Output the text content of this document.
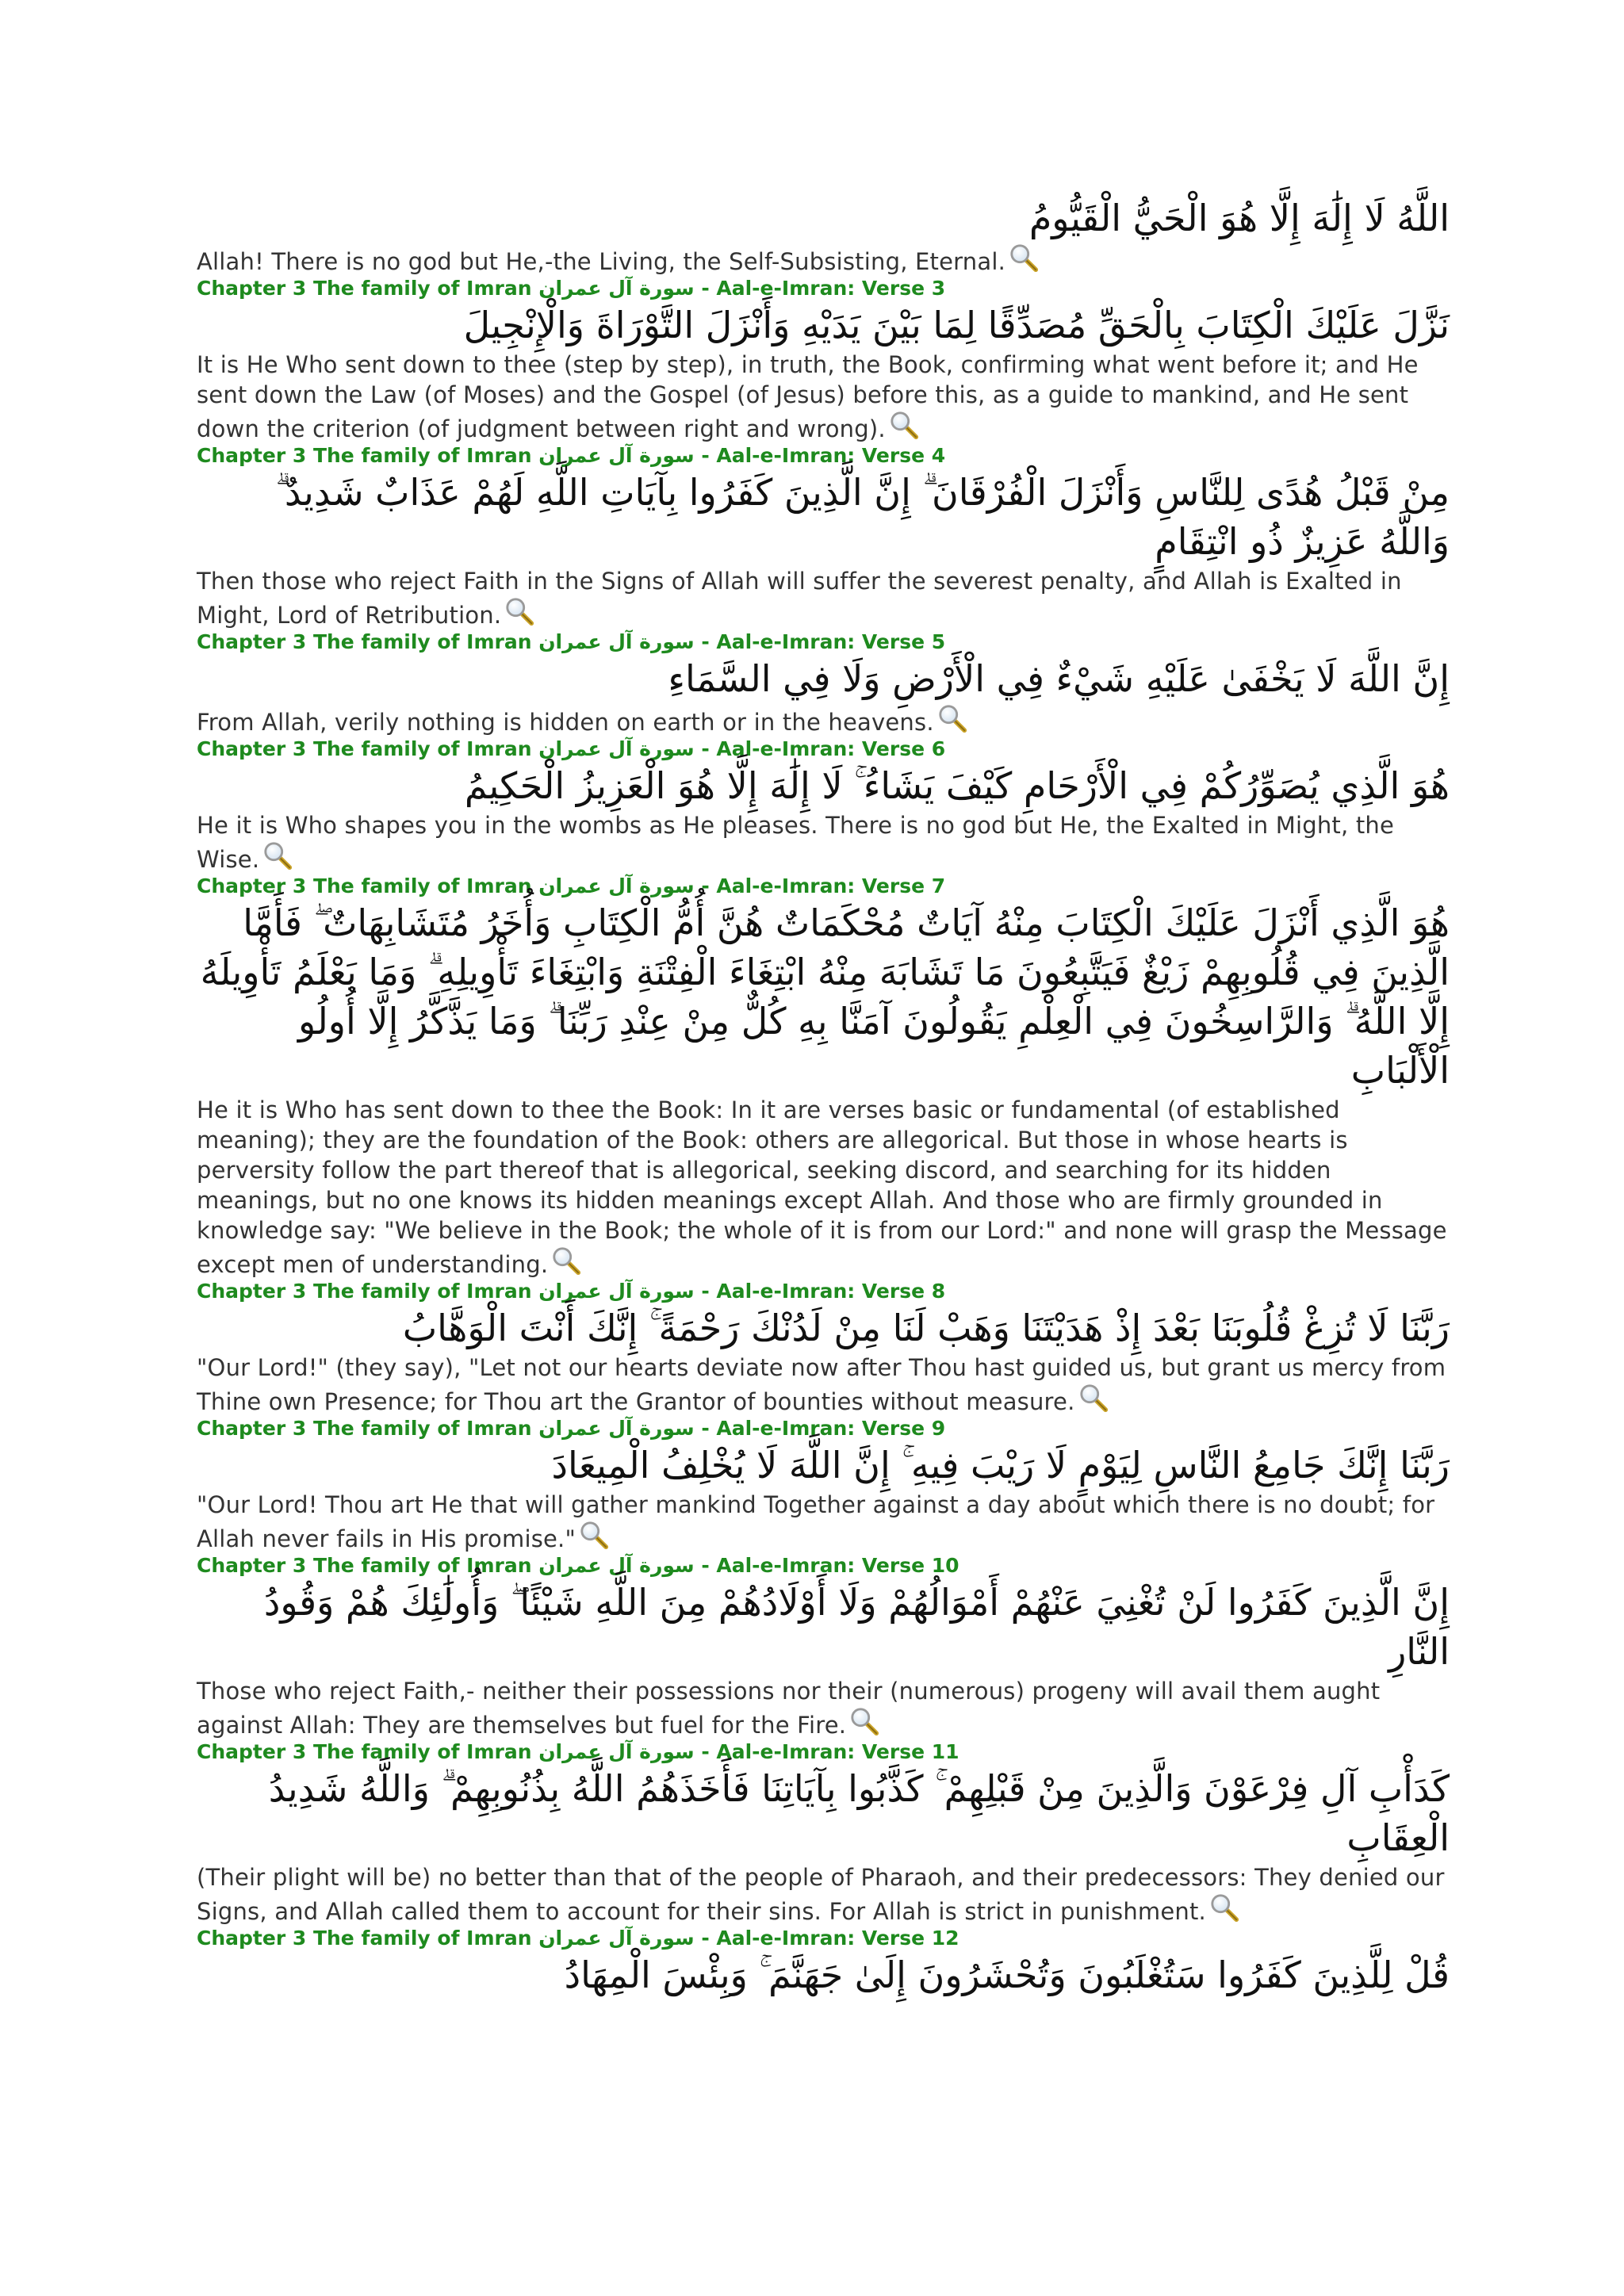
اللَّهُ لَا إِلَٰهَ إِلَّا هُوَ الْحَيُّ الْقَيُّومُ
Allah! There is no god but He,-the Living, the Self-Subsisting, Eternal.
Chapter 3 The family of Imran سورة آل عمران - Aal-e-Imran: Verse 3
نَزَّلَ عَلَيْكَ الْكِتَابَ بِالْحَقِّ مُصَدِّقًا لِمَا بَيْنَ يَدَيْهِ وَأَنْزَلَ التَّوْرَاةَ وَالْإِنْجِيلَ
It is He Who sent down to thee (step by step), in truth, the Book, confirming what went before it; and He sent down the Law (of Moses) and the Gospel (of Jesus) before this, as a guide to mankind, and He sent down the criterion (of judgment between right and wrong).
Chapter 3 The family of Imran سورة آل عمران - Aal-e-Imran: Verse 4
مِنْ قَبْلُ هُدًى لِلنَّاسِ وَأَنْزَلَ الْفُرْقَانَ ۗ إِنَّ الَّذِينَ كَفَرُوا بِآيَاتِ اللَّهِ لَهُمْ عَذَابٌ شَدِيدٌ ۗ وَاللَّهُ عَزِيزٌ ذُو انْتِقَامٍ
Then those who reject Faith in the Signs of Allah will suffer the severest penalty, and Allah is Exalted in Might, Lord of Retribution.
Chapter 3 The family of Imran سورة آل عمران - Aal-e-Imran: Verse 5
إِنَّ اللَّهَ لَا يَخْفَىٰ عَلَيْهِ شَيْءٌ فِي الْأَرْضِ وَلَا فِي السَّمَاءِ
From Allah, verily nothing is hidden on earth or in the heavens.
Chapter 3 The family of Imran سورة آل عمران - Aal-e-Imran: Verse 6
هُوَ الَّذِي يُصَوِّرُكُمْ فِي الْأَرْحَامِ كَيْفَ يَشَاءُ ۚ لَا إِلَٰهَ إِلَّا هُوَ الْعَزِيزُ الْحَكِيمُ
He it is Who shapes you in the wombs as He pleases. There is no god but He, the Exalted in Might, the Wise.
Chapter 3 The family of Imran سورة آل عمران - Aal-e-Imran: Verse 7
هُوَ الَّذِي أَنْزَلَ عَلَيْكَ الْكِتَابَ مِنْهُ آيَاتٌ مُحْكَمَاتٌ هُنَّ أُمُّ الْكِتَابِ وَأُخَرُ مُتَشَابِهَاتٌ ۖ فَأَمَّا الَّذِينَ فِي قُلُوبِهِمْ زَيْغٌ فَيَتَّبِعُونَ مَا تَشَابَهَ مِنْهُ ابْتِغَاءَ الْفِتْنَةِ وَابْتِغَاءَ تَأْوِيلِهِ ۗ وَمَا يَعْلَمُ تَأْوِيلَهُ إِلَّا اللَّهُ ۗ وَالرَّاسِخُونَ فِي الْعِلْمِ يَقُولُونَ آمَنَّا بِهِ كُلٌّ مِنْ عِنْدِ رَبِّنَا ۗ وَمَا يَذَّكَّرُ إِلَّا أُولُو الْأَلْبَابِ
He it is Who has sent down to thee the Book: In it are verses basic or fundamental (of established meaning); they are the foundation of the Book: others are allegorical. But those in whose hearts is perversity follow the part thereof that is allegorical, seeking discord, and searching for its hidden meanings, but no one knows its hidden meanings except Allah. And those who are firmly grounded in knowledge say: "We believe in the Book; the whole of it is from our Lord:" and none will grasp the Message except men of understanding.
Chapter 3 The family of Imran سورة آل عمران - Aal-e-Imran: Verse 8
رَبَّنَا لَا تُزِغْ قُلُوبَنَا بَعْدَ إِذْ هَدَيْتَنَا وَهَبْ لَنَا مِنْ لَدُنْكَ رَحْمَةً ۚ إِنَّكَ أَنْتَ الْوَهَّابُ
"Our Lord!" (they say), "Let not our hearts deviate now after Thou hast guided us, but grant us mercy from Thine own Presence; for Thou art the Grantor of bounties without measure.
Chapter 3 The family of Imran سورة آل عمران - Aal-e-Imran: Verse 9
رَبَّنَا إِنَّكَ جَامِعُ النَّاسِ لِيَوْمٍ لَا رَيْبَ فِيهِ ۚ إِنَّ اللَّهَ لَا يُخْلِفُ الْمِيعَادَ
"Our Lord! Thou art He that will gather mankind Together against a day about which there is no doubt; for Allah never fails in His promise."
Chapter 3 The family of Imran سورة آل عمران - Aal-e-Imran: Verse 10
إِنَّ الَّذِينَ كَفَرُوا لَنْ تُغْنِيَ عَنْهُمْ أَمْوَالُهُمْ وَلَا أَوْلَادُهُمْ مِنَ اللَّهِ شَيْئًا ۖ وَأُولَٰئِكَ هُمْ وَقُودُ النَّارِ
Those who reject Faith,- neither their possessions nor their (numerous) progeny will avail them aught against Allah: They are themselves but fuel for the Fire.
Chapter 3 The family of Imran سورة آل عمران - Aal-e-Imran: Verse 11
كَدَأْبِ آلِ فِرْعَوْنَ وَالَّذِينَ مِنْ قَبْلِهِمْ ۚ كَذَّبُوا بِآيَاتِنَا فَأَخَذَهُمُ اللَّهُ بِذُنُوبِهِمْ ۗ وَاللَّهُ شَدِيدُ الْعِقَابِ
(Their plight will be) no better than that of the people of Pharaoh, and their predecessors: They denied our Signs, and Allah called them to account for their sins. For Allah is strict in punishment.
Chapter 3 The family of Imran سورة آل عمران - Aal-e-Imran: Verse 12
قُلْ لِلَّذِينَ كَفَرُوا سَتُغْلَبُونَ وَتُحْشَرُونَ إِلَىٰ جَهَنَّمَ ۚ وَبِئْسَ الْمِهَادُ
